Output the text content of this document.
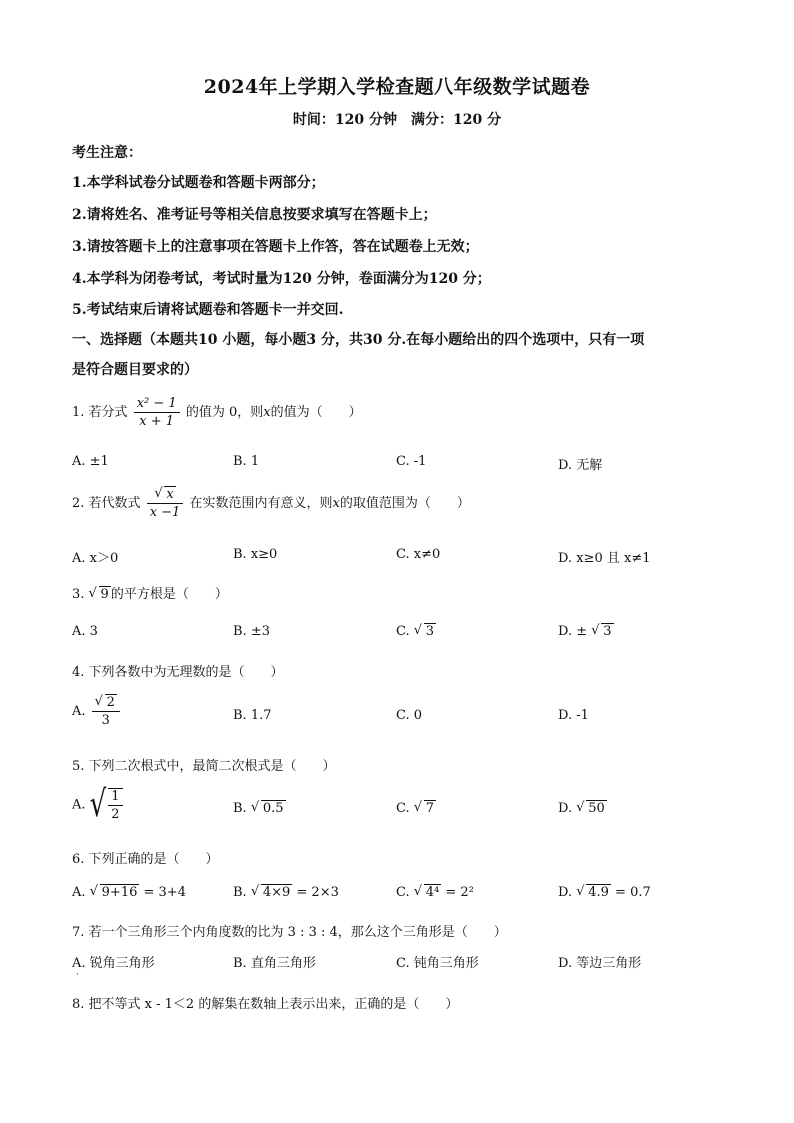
2024年上学期入学检查题八年级数学试题卷
时间：120 分钟　满分：120 分
考生注意：
1.本学科试卷分试题卷和答题卡两部分；
2.请将姓名、准考证号等相关信息按要求填写在答题卡上；
3.请按答题卡上的注意事项在答题卡上作答，答在试题卷上无效；
4.本学科为闭卷考试，考试时量为120 分钟，卷面满分为120 分；
5.考试结束后请将试题卷和答题卡一并交回.
一、选择题（本题共10 小题，每小题3 分，共30 分.在每小题给出的四个选项中，只有一项
是符合题目要求的）
1. 若分式 $\frac{\text{x² − 1}}{x + 1}$ 的值为 0，则x的值为（　　）
A. ±1	B. 1	C. -1	D. 无解
2. 若代数式 √ $\frac{x}{x -1}$ 在实数范围内有意义，则x的取值范围为（　　）
A. x＞0	B. x≥0	C. x≠0	D. x≥0 且 x≠1
3. √ 9 的平方根是（　　）
A. 3	B. ±3	C. √ 3	D. ± √ 3
4. 下列各数中为无理数的是（　　）
A. √ $\frac{2}{3}$	B. 1.7	C. 0	D. -1
5. 下列二次根式中，最简二次根式是（　　）
A. √ $\frac{1}{2}$	B. √ 0.5	C. √ 7	D. √ 50
6. 下列正确的是（　　）
A. √ 9+16 = 3+4	B. √ 4×9 = 2×3	C. √ 4⁴ = 2²	D. √ 4.9 = 0.7
7. 若一个三角形三个内角度数的比为 3 : 3 : 4，那么这个三角形是（　　）
A. 锐角三角形	B. 直角三角形	C. 钝角三角形	D. 等边三角形
·
8. 把不等式 x - 1＜2 的解集在数轴上表示出来，正确的是（　　）
